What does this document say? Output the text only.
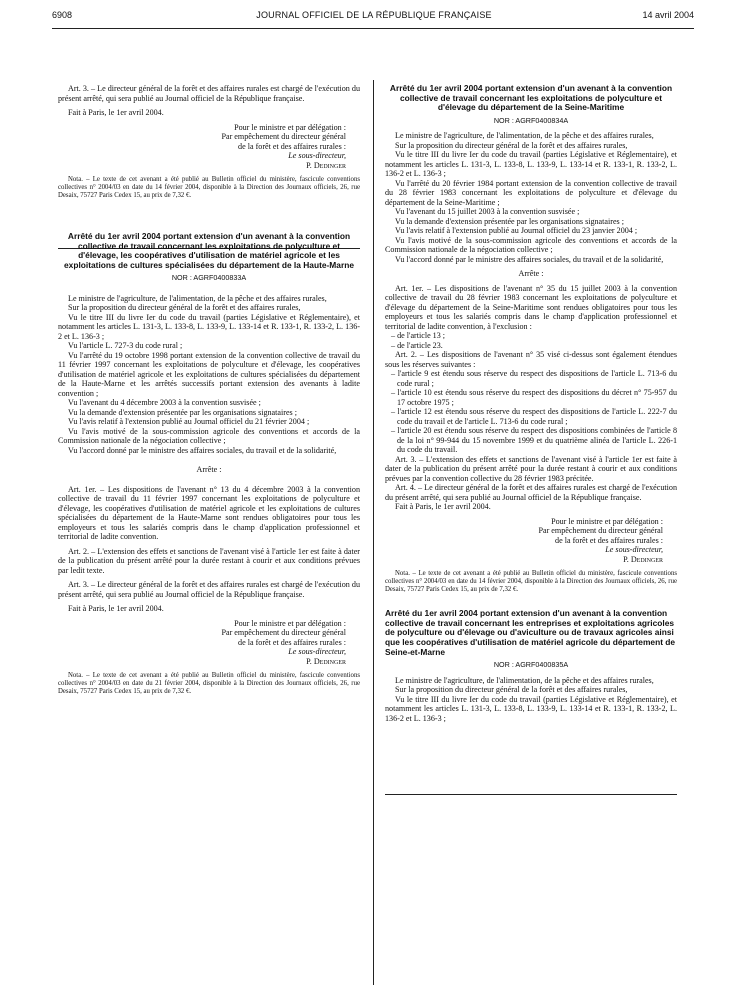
6908	JOURNAL OFFICIEL DE LA RÉPUBLIQUE FRANÇAISE	14 avril 2004

Art. 3. – Le directeur général de la forêt et des affaires rurales est chargé de l'exécution du présent arrêté, qui sera publié au Journal officiel de la République française.

Fait à Paris, le 1er avril 2004.

Pour le ministre et par délégation :

Par empêchement du directeur général

de la forêt et des affaires rurales :

Le sous-directeur,

P. Dedinger

Nota. – Le texte de cet avenant a été publié au Bulletin officiel du ministère, fascicule conventions collectives n° 2004/03 en date du 14 février 2004, disponible à la Direction des Journaux officiels, 26, rue Desaix, 75727 Paris Cedex 15, au prix de 7,32 €.

Arrêté du 1er avril 2004 portant extension d'un avenant à la convention collective de travail concernant les exploitations de polyculture et d'élevage, les coopératives d'utilisation de matériel agricole et les exploitations de cultures spécialisées du département de la Haute-Marne

NOR : AGRF0400833A

Le ministre de l'agriculture, de l'alimentation, de la pêche et des affaires rurales,

Sur la proposition du directeur général de la forêt et des affaires rurales,

Vu le titre III du livre Ier du code du travail (parties Législative et Réglementaire), et notamment les articles L. 131-3, L. 133-8, L. 133-9, L. 133-14 et R. 133-1, R. 133-2, L. 136-2 et L. 136-3 ;

Vu l'article L. 727-3 du code rural ;

Vu l'arrêté du 19 octobre 1998 portant extension de la convention collective de travail du 11 février 1997 concernant les exploitations de polyculture et d'élevage, les coopératives d'utilisation de matériel agricole et les exploitations de cultures spécialisées du département de la Haute-Marne et les arrêtés successifs portant extension des avenants à ladite convention ;

Vu l'avenant du 4 décembre 2003 à la convention susvisée ;

Vu la demande d'extension présentée par les organisations signataires ;

Vu l'avis relatif à l'extension publié au Journal officiel du 21 février 2004 ;

Vu l'avis motivé de la sous-commission agricole des conventions et accords de la Commission nationale de la négociation collective ;

Vu l'accord donné par le ministre des affaires sociales, du travail et de la solidarité,

Arrête :

Art. 1er. – Les dispositions de l'avenant n° 13 du 4 décembre 2003 à la convention collective de travail du 11 février 1997 concernant les exploitations de polyculture et d'élevage, les coopératives d'utilisation de matériel agricole et les exploitations de cultures spécialisées du département de la Haute-Marne sont rendues obligatoires pour tous les employeurs et tous les salariés compris dans le champ d'application professionnel et territorial de ladite convention.

Art. 2. – L'extension des effets et sanctions de l'avenant visé à l'article 1er est faite à dater de la publication du présent arrêté pour la durée restant à courir et aux conditions prévues par ledit texte.

Art. 3. – Le directeur général de la forêt et des affaires rurales est chargé de l'exécution du présent arrêté, qui sera publié au Journal officiel de la République française.

Fait à Paris, le 1er avril 2004.

Pour le ministre et par délégation :

Par empêchement du directeur général

de la forêt et des affaires rurales :

Le sous-directeur,

P. Dedinger

Nota. – Le texte de cet avenant a été publié au Bulletin officiel du ministère, fascicule conventions collectives n° 2004/03 en date du 21 février 2004, disponible à la Direction des Journaux officiels, 26, rue Desaix, 75727 Paris Cedex 15, au prix de 7,32 €.

Arrêté du 1er avril 2004 portant extension d'un avenant à la convention collective de travail concernant les exploitations de polyculture et d'élevage du département de la Seine-Maritime

NOR : AGRF0400834A

Le ministre de l'agriculture, de l'alimentation, de la pêche et des affaires rurales,

Sur la proposition du directeur général de la forêt et des affaires rurales,

Vu le titre III du livre Ier du code du travail (parties Législative et Réglementaire), et notamment les articles L. 131-3, L. 133-8, L. 133-9, L. 133-14 et R. 133-1, R. 133-2, L. 136-2 et L. 136-3 ;

Vu l'arrêté du 20 février 1984 portant extension de la convention collective de travail du 28 février 1983 concernant les exploitations de polyculture et d'élevage du département de la Seine-Maritime ;

Vu l'avenant du 15 juillet 2003 à la convention susvisée ;

Vu la demande d'extension présentée par les organisations signataires ;

Vu l'avis relatif à l'extension publié au Journal officiel du 23 janvier 2004 ;

Vu l'avis motivé de la sous-commission agricole des conventions et accords de la Commission nationale de la négociation collective ;

Vu l'accord donné par le ministre des affaires sociales, du travail et de la solidarité,

Arrête :

Art. 1er. – Les dispositions de l'avenant n° 35 du 15 juillet 2003 à la convention collective de travail du 28 février 1983 concernant les exploitations de polyculture et d'élevage du département de la Seine-Maritime sont rendues obligatoires pour tous les employeurs et tous les salariés compris dans le champ d'application professionnel et territorial de ladite convention, à l'exclusion :

– de l'article 13 ;

– de l'article 23.

Art. 2. – Les dispositions de l'avenant n° 35 visé ci-dessus sont également étendues sous les réserves suivantes :

– l'article 9 est étendu sous réserve du respect des dispositions de l'article L. 713-6 du code rural ;

– l'article 10 est étendu sous réserve du respect des dispositions du décret n° 75-957 du 17 octobre 1975 ;

– l'article 12 est étendu sous réserve du respect des dispositions de l'article L. 222-7 du code du travail et de l'article L. 713-6 du code rural ;

– l'article 20 est étendu sous réserve du respect des dispositions combinées de l'article 8 de la loi n° 99-944 du 15 novembre 1999 et du quatrième alinéa de l'article L. 226-1 du code du travail.

Art. 3. – L'extension des effets et sanctions de l'avenant visé à l'article 1er est faite à dater de la publication du présent arrêté pour la durée restant à courir et aux conditions prévues par la convention collective du 28 février 1983 précitée.

Art. 4. – Le directeur général de la forêt et des affaires rurales est chargé de l'exécution du présent arrêté, qui sera publié au Journal officiel de la République française.

Fait à Paris, le 1er avril 2004.

Pour le ministre et par délégation :

Par empêchement du directeur général

de la forêt et des affaires rurales :

Le sous-directeur,

P. Dedinger

Nota. – Le texte de cet avenant a été publié au Bulletin officiel du ministère, fascicule conventions collectives n° 2004/03 en date du 14 février 2004, disponible à la Direction des Journaux officiels, 26, rue Desaix, 75727 Paris Cedex 15, au prix de 7,32 €.

Arrêté du 1er avril 2004 portant extension d'un avenant à la convention collective de travail concernant les entreprises et exploitations agricoles de polyculture ou d'élevage ou d'aviculture ou de travaux agricoles ainsi que les coopératives d'utilisation de matériel agricole du département de Seine-et-Marne

NOR : AGRF0400835A

Le ministre de l'agriculture, de l'alimentation, de la pêche et des affaires rurales,

Sur la proposition du directeur général de la forêt et des affaires rurales,

Vu le titre III du livre Ier du code du travail (parties Législative et Réglementaire), et notamment les articles L. 131-3, L. 133-8, L. 133-9, L. 133-14 et R. 133-1, R. 133-2, L. 136-2 et L. 136-3 ;
